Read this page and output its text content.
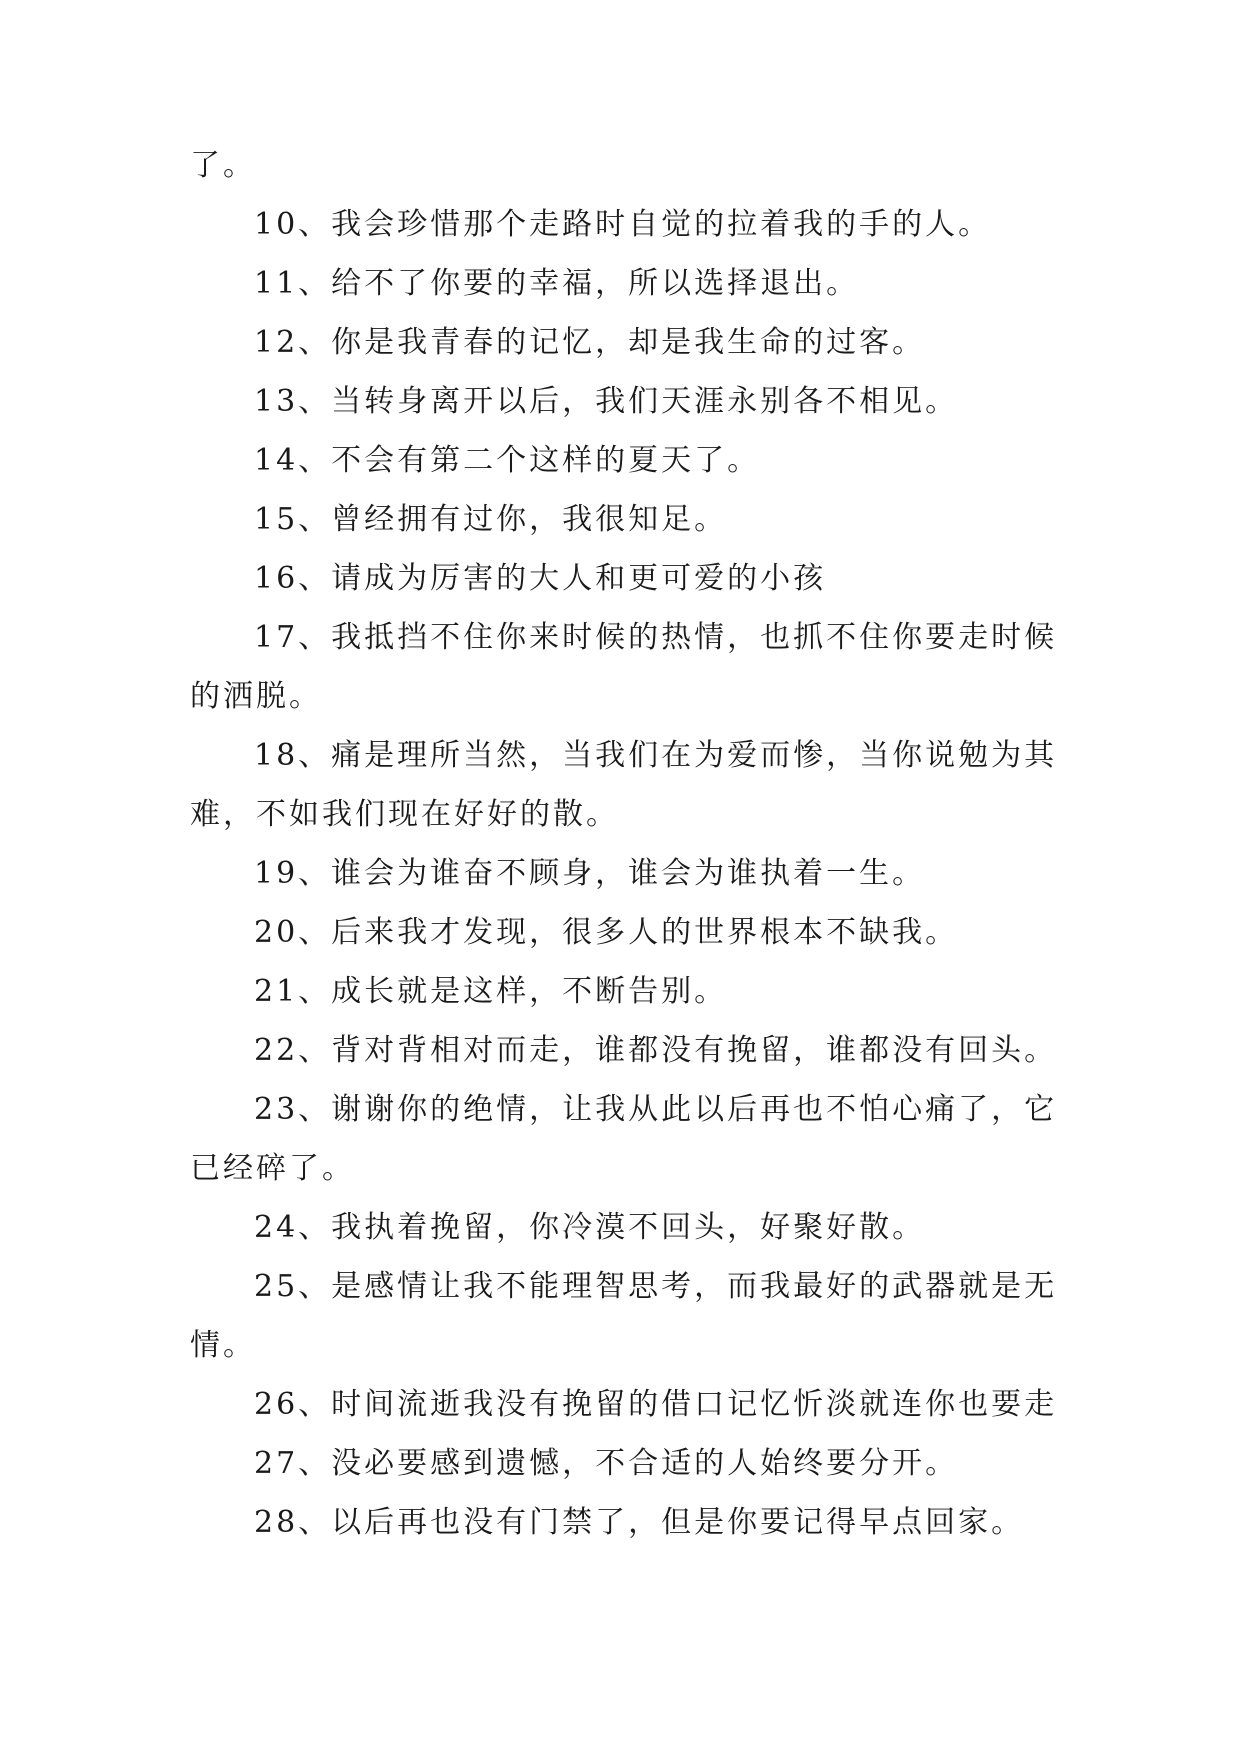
了。
10、我会珍惜那个走路时自觉的拉着我的手的人。
11、给不了你要的幸福，所以选择退出。
12、你是我青春的记忆，却是我生命的过客。
13、当转身离开以后，我们天涯永别各不相见。
14、不会有第二个这样的夏天了。
15、曾经拥有过你，我很知足。
16、请成为厉害的大人和更可爱的小孩
17、我抵挡不住你来时候的热情，也抓不住你要走时候
的洒脱。
18、痛是理所当然，当我们在为爱而惨，当你说勉为其
难，不如我们现在好好的散。
19、谁会为谁奋不顾身，谁会为谁执着一生。
20、后来我才发现，很多人的世界根本不缺我。
21、成长就是这样，不断告别。
22、背对背相对而走，谁都没有挽留，谁都没有回头。
23、谢谢你的绝情，让我从此以后再也不怕心痛了，它
已经碎了。
24、我执着挽留，你冷漠不回头，好聚好散。
25、是感情让我不能理智思考，而我最好的武器就是无
情。
26、时间流逝我没有挽留的借口记忆忻淡就连你也要走
27、没必要感到遗憾，不合适的人始终要分开。
28、以后再也没有门禁了，但是你要记得早点回家。
